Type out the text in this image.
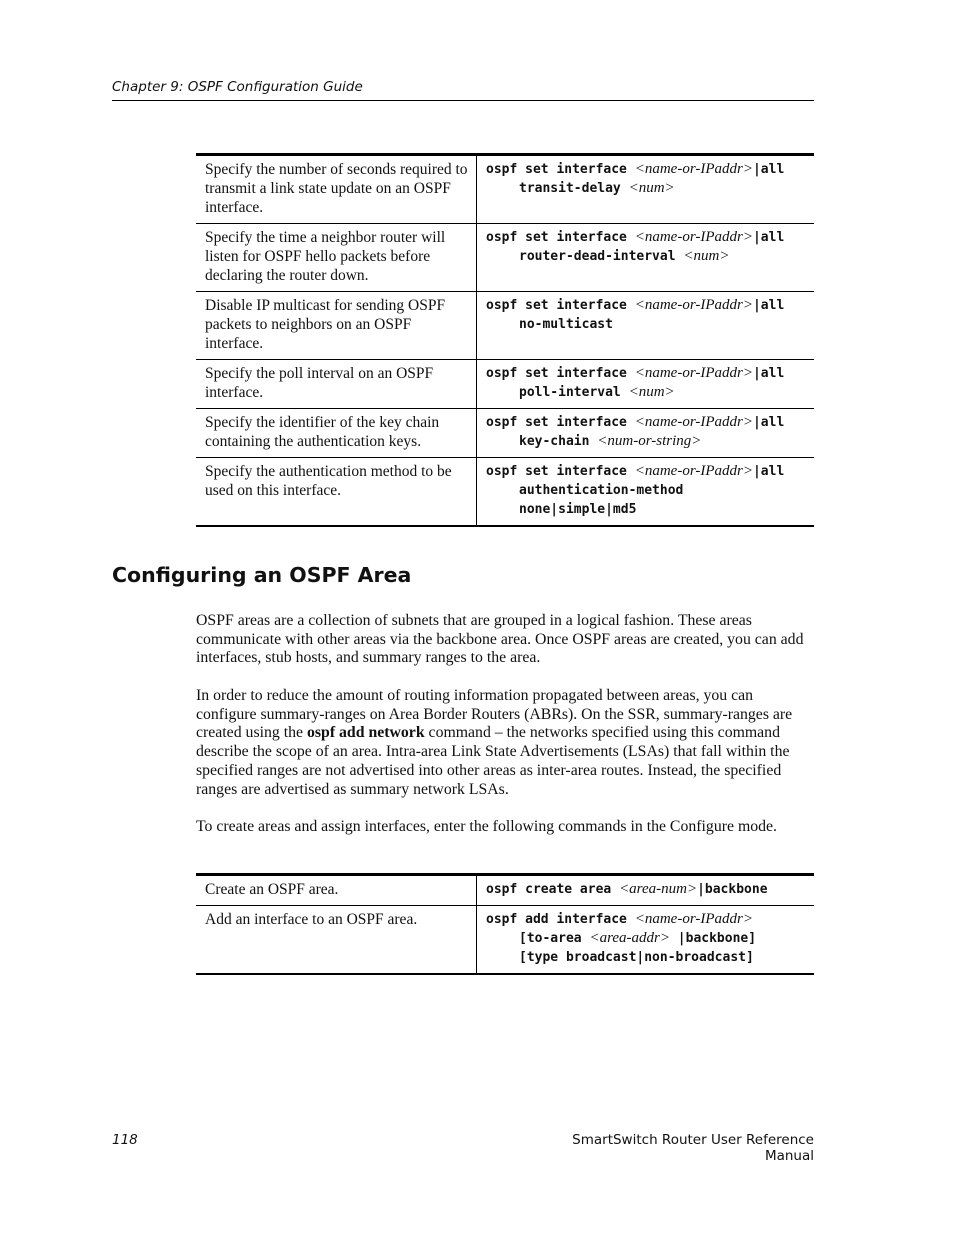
Chapter 9: OSPF Configuration Guide
Specify the number of seconds required to transmit a link state update on an OSPF interface.	ospf set interface <name-or-IPaddr>|all
transit-delay <num>

Specify the time a neighbor router will listen for OSPF hello packets before declaring the router down.	ospf set interface <name-or-IPaddr>|all
router-dead-interval <num>

Disable IP multicast for sending OSPF packets to neighbors on an OSPF interface.	ospf set interface <name-or-IPaddr>|all
no-multicast

Specify the poll interval on an OSPF interface.	ospf set interface <name-or-IPaddr>|all
poll-interval <num>

Specify the identifier of the key chain containing the authentication keys.	ospf set interface <name-or-IPaddr>|all
key-chain <num-or-string>

Specify the authentication method to be used on this interface.	ospf set interface <name-or-IPaddr>|all
authentication-method
none|simple|md5
Configuring an OSPF Area

OSPF areas are a collection of subnets that are grouped in a logical fashion. These areas communicate with other areas via the backbone area. Once OSPF areas are created, you can add interfaces, stub hosts, and summary ranges to the area.

In order to reduce the amount of routing information propagated between areas, you can configure summary-ranges on Area Border Routers (ABRs). On the SSR, summary-ranges are created using the ospf add network command – the networks specified using this command describe the scope of an area. Intra-area Link State Advertisements (LSAs) that fall within the specified ranges are not advertised into other areas as inter-area routes. Instead, the specified ranges are advertised as summary network LSAs.

To create areas and assign interfaces, enter the following commands in the Configure mode.

Create an OSPF area.	ospf create area <area-num>|backbone

Add an interface to an OSPF area.	ospf add interface <name-or-IPaddr>
[to-area <area-addr> |backbone]
[type broadcast|non-broadcast]
118	SmartSwitch Router User Reference Manual
